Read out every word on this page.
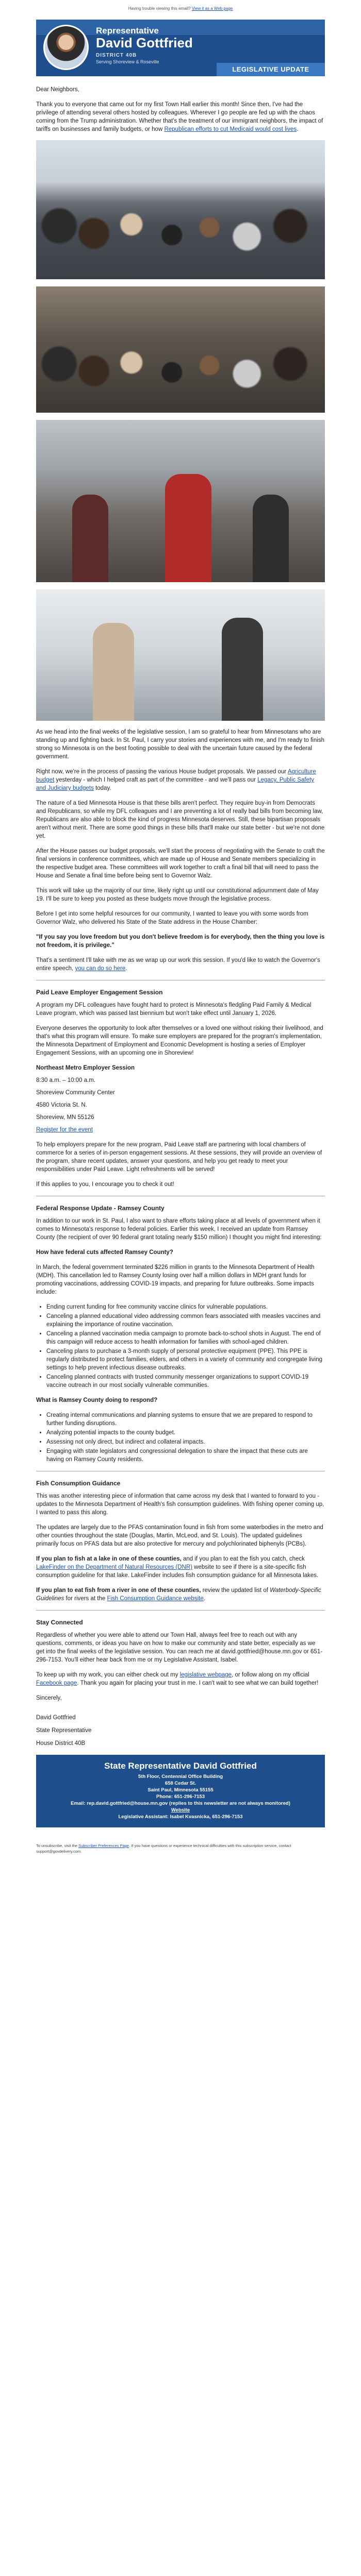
Having trouble viewing this email? View it as a Web page
Representative
David Gottfried
DISTRICT 40B
Serving Shoreview & Roseville
LEGISLATIVE UPDATE

Dear Neighbors,

Thank you to everyone that came out for my first Town Hall earlier this month! Since then, I've had the privilege of attending several others hosted by colleagues. Wherever I go people are fed up with the chaos coming from the Trump administration. Whether that's the treatment of our immigrant neighbors, the impact of tariffs on businesses and family budgets, or how Republican efforts to cut Medicaid would cost lives.

As we head into the final weeks of the legislative session, I am so grateful to hear from Minnesotans who are standing up and fighting back. In St. Paul, I carry your stories and experiences with me, and I'm ready to finish strong so Minnesota is on the best footing possible to deal with the uncertain future caused by the federal government.

Right now, we're in the process of passing the various House budget proposals. We passed our Agriculture budget yesterday - which I helped craft as part of the committee - and we'll pass our Legacy, Public Safety and Judiciary budgets today.

The nature of a tied Minnesota House is that these bills aren't perfect. They require buy-in from Democrats and Republicans, so while my DFL colleagues and I are preventing a lot of really bad bills from becoming law, Republicans are also able to block the kind of progress Minnesota deserves. Still, these bipartisan proposals aren't without merit. There are some good things in these bills that'll make our state better - but we're not done yet.

After the House passes our budget proposals, we'll start the process of negotiating with the Senate to craft the final versions in conference committees, which are made up of House and Senate members specializing in the respective budget area. These committees will work together to craft a final bill that will need to pass the House and Senate a final time before being sent to Governor Walz.

This work will take up the majority of our time, likely right up until our constitutional adjournment date of May 19. I'll be sure to keep you posted as these budgets move through the legislative process.

Before I get into some helpful resources for our community, I wanted to leave you with some words from Governor Walz, who delivered his State of the State address in the House Chamber:

"If you say you love freedom but you don't believe freedom is for everybody, then the thing you love is not freedom, it is privilege."

That's a sentiment I'll take with me as we wrap up our work this session. If you'd like to watch the Governor's entire speech, you can do so here.

Paid Leave Employer Engagement Session

A program my DFL colleagues have fought hard to protect is Minnesota's fledgling Paid Family & Medical Leave program, which was passed last biennium but won't take effect until January 1, 2026.

Everyone deserves the opportunity to look after themselves or a loved one without risking their livelihood, and that's what this program will ensure. To make sure employers are prepared for the program's implementation, the Minnesota Department of Employment and Economic Development is hosting a series of Employer Engagement Sessions, with an upcoming one in Shoreview!

Northeast Metro Employer Session

8:30 a.m. – 10:00 a.m.

Shoreview Community Center

4580 Victoria St. N.

Shoreview, MN 55126

Register for the event

To help employers prepare for the new program, Paid Leave staff are partnering with local chambers of commerce for a series of in-person engagement sessions. At these sessions, they will provide an overview of the program, share recent updates, answer your questions, and help you get ready to meet your responsibilities under Paid Leave. Light refreshments will be served!

If this applies to you, I encourage you to check it out!

Federal Response Update - Ramsey County

In addition to our work in St. Paul, I also want to share efforts taking place at all levels of government when it comes to Minnesota's response to federal policies. Earlier this week, I received an update from Ramsey County (the recipient of over 90 federal grant totaling nearly $150 million) I thought you might find interesting:

How have federal cuts affected Ramsey County?

In March, the federal government terminated $226 million in grants to the Minnesota Department of Health (MDH). This cancellation led to Ramsey County losing over half a million dollars in MDH grant funds for promoting vaccinations, addressing COVID-19 impacts, and preparing for future outbreaks. Some impacts include:

• Ending current funding for free community vaccine clinics for vulnerable populations.
• Canceling a planned educational video addressing common fears associated with measles vaccines and explaining the importance of routine vaccination.
• Canceling a planned vaccination media campaign to promote back-to-school shots in August. The end of this campaign will reduce access to health information for families with school-aged children.
• Canceling plans to purchase a 3-month supply of personal protective equipment (PPE). This PPE is regularly distributed to protect families, elders, and others in a variety of community and congregate living settings to help prevent infectious disease outbreaks.
• Canceling planned contracts with trusted community messenger organizations to support COVID-19 vaccine outreach in our most socially vulnerable communities.

What is Ramsey County doing to respond?

• Creating internal communications and planning systems to ensure that we are prepared to respond to further funding disruptions.
• Analyzing potential impacts to the county budget.
• Assessing not only direct, but indirect and collateral impacts.
• Engaging with state legislators and congressional delegation to share the impact that these cuts are having on Ramsey County residents.
Fish Consumption Guidance

This was another interesting piece of information that came across my desk that I wanted to forward to you - updates to the Minnesota Department of Health's fish consumption guidelines. With fishing opener coming up, I wanted to pass this along.

The updates are largely due to the PFAS contamination found in fish from some waterbodies in the metro and other counties throughout the state (Douglas, Martin, McLeod, and St. Louis). The updated guidelines primarily focus on PFAS data but are also protective for mercury and polychlorinated biphenyls (PCBs).

If you plan to fish at a lake in one of these counties, and if you plan to eat the fish you catch, check LakeFinder on the Department of Natural Resources (DNR) website to see if there is a site-specific fish consumption guideline for that lake. LakeFinder includes fish consumption guidance for all Minnesota lakes.

If you plan to eat fish from a river in one of these counties, review the updated list of Waterbody-Specific Guidelines for rivers at the Fish Consumption Guidance website.

Stay Connected

Regardless of whether you were able to attend our Town Hall, always feel free to reach out with any questions, comments, or ideas you have on how to make our community and state better, especially as we get into the final weeks of the legislative session. You can reach me at david.gottfried@house.mn.gov or 651-296-7153. You'll either hear back from me or my Legislative Assistant, Isabel.

To keep up with my work, you can either check out my legislative webpage, or follow along on my official Facebook page. Thank you again for placing your trust in me. I can't wait to see what we can build together!

Sincerely,

David Gottfried

State Representative

House District 40B

State Representative David Gottfried
5th Floor, Centennial Office Building
658 Cedar St.
Saint Paul, Minnesota 55155
Phone: 651-296-7153
Email: rep.david.gottfried@house.mn.gov (replies to this newsletter are not always monitored)
Website
Legislative Assistant: Isabel Kvasnicka, 651-296-7153
To unsubscribe, visit the Subscriber Preferences Page. If you have questions or experience technical difficulties with this subscription service, contact support@govdelivery.com.
